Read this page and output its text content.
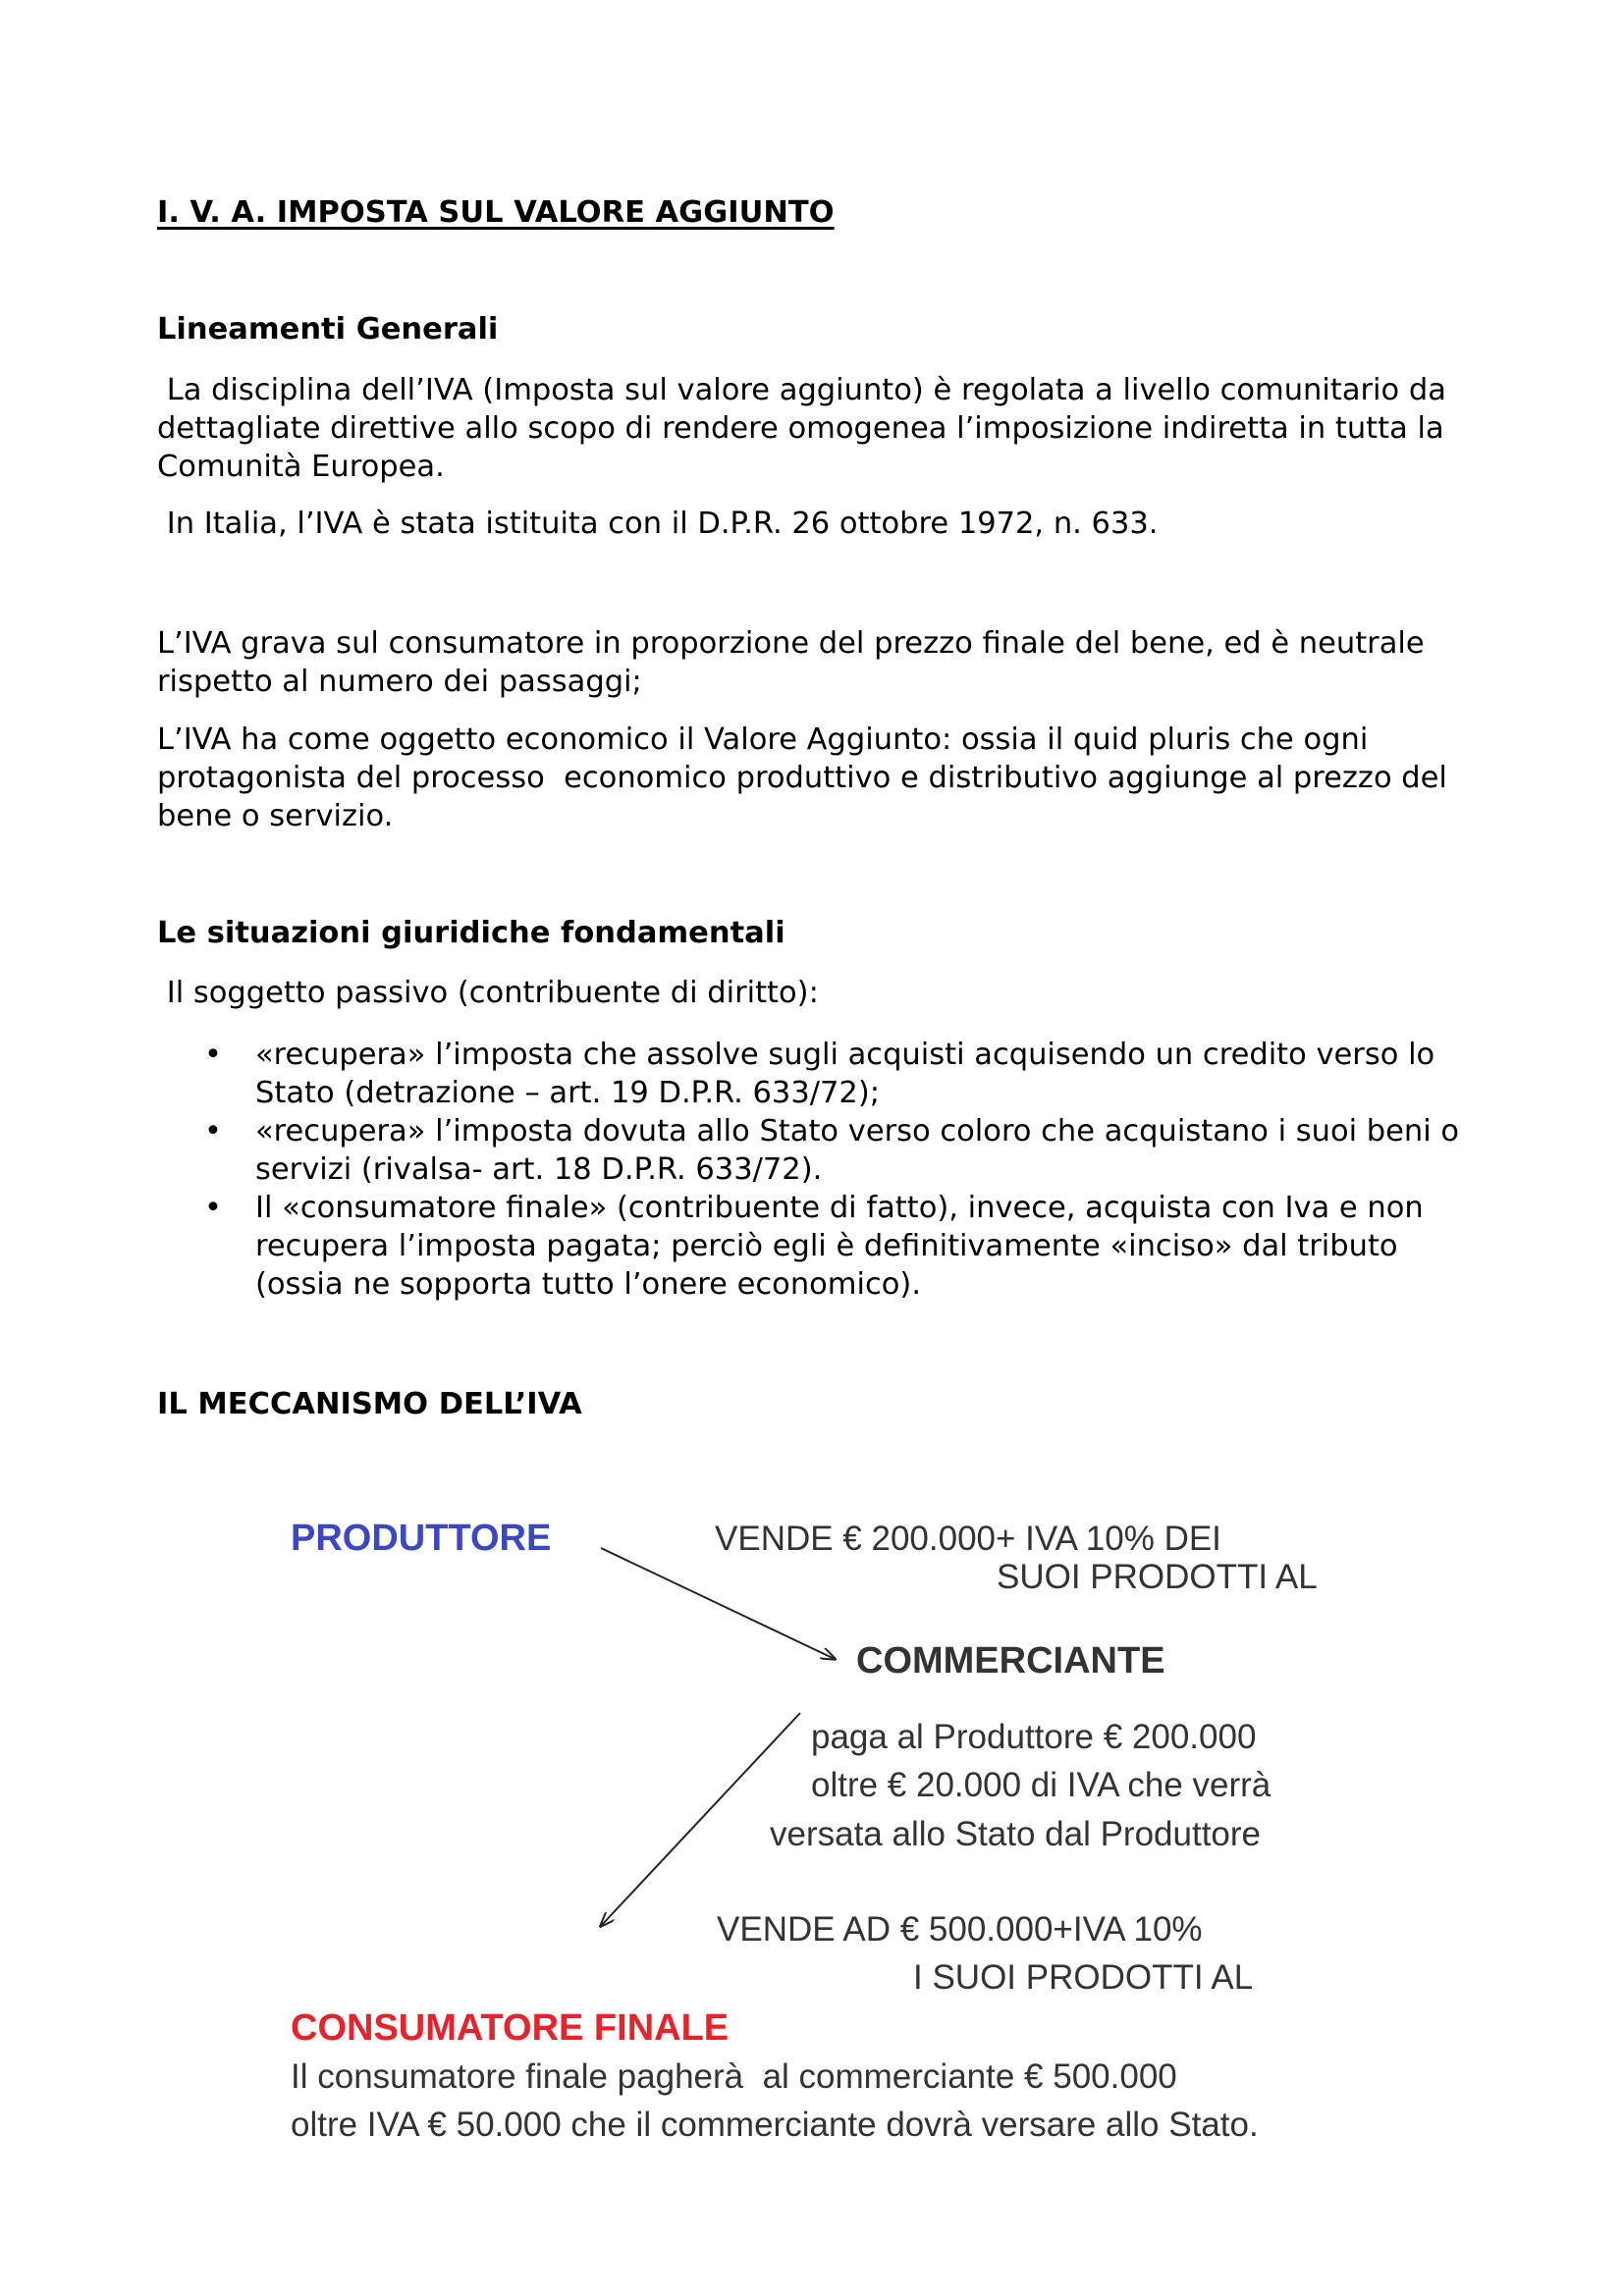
I. V. A. IMPOSTA SUL VALORE AGGIUNTO
Lineamenti Generali
La disciplina dell’IVA (Imposta sul valore aggiunto) è regolata a livello comunitario da
dettagliate direttive allo scopo di rendere omogenea l’imposizione indiretta in tutta la
Comunità Europea.
In Italia, l’IVA è stata istituita con il D.P.R. 26 ottobre 1972, n. 633.
L’IVA grava sul consumatore in proporzione del prezzo finale del bene, ed è neutrale
rispetto al numero dei passaggi;
L’IVA ha come oggetto economico il Valore Aggiunto: ossia il quid pluris che ogni
protagonista del processo  economico produttivo e distributivo aggiunge al prezzo del
bene o servizio.
Le situazioni giuridiche fondamentali
Il soggetto passivo (contribuente di diritto):
• «recupera» l’imposta che assolve sugli acquisti acquisendo un credito verso lo
Stato (detrazione – art. 19 D.P.R. 633/72);
• «recupera» l’imposta dovuta allo Stato verso coloro che acquistano i suoi beni o
servizi (rivalsa- art. 18 D.P.R. 633/72).
• Il «consumatore finale» (contribuente di fatto), invece, acquista con Iva e non
recupera l’imposta pagata; perciò egli è definitivamente «inciso» dal tributo
(ossia ne sopporta tutto l’onere economico).
IL MECCANISMO DELL’IVA
PRODUTTORE	VENDE € 200.000+ IVA 10% DEI
SUOI PRODOTTI AL
COMMERCIANTE
paga al Produttore € 200.000
oltre € 20.000 di IVA che verrà
versata allo Stato dal Produttore
VENDE AD € 500.000+IVA 10%
I SUOI PRODOTTI AL
CONSUMATORE FINALE
Il consumatore finale pagherà  al commerciante € 500.000
oltre IVA € 50.000 che il commerciante dovrà versare allo Stato.
